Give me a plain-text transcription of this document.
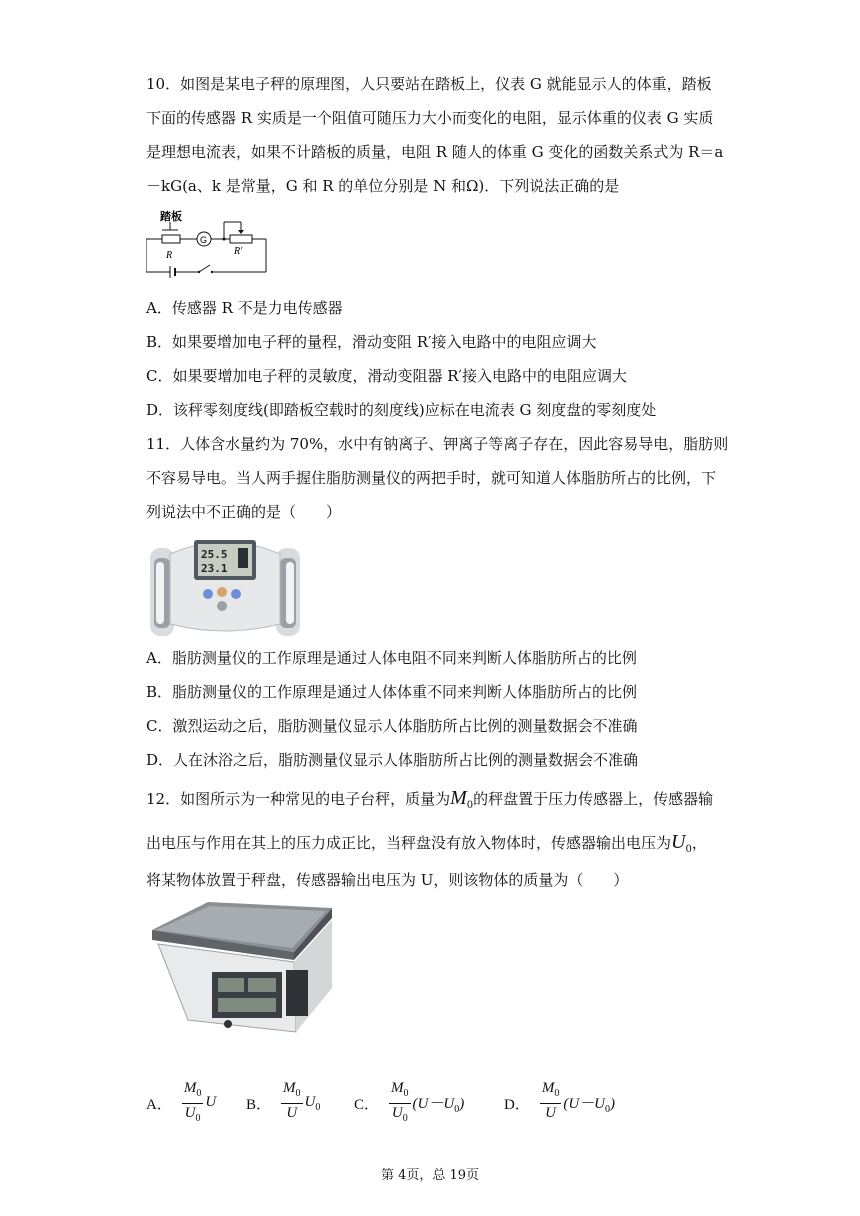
10．如图是某电子秤的原理图，人只要站在踏板上，仪表 G 就能显示人的体重，踏板
下面的传感器 R 实质是一个阻值可随压力大小而变化的电阻，显示体重的仪表 G 实质
是理想电流表，如果不计踏板的质量，电阻 R 随人的体重 G 变化的函数关系式为 R＝a
－kG(a、k 是常量，G 和 R 的单位分别是 N 和Ω)．下列说法正确的是
踏板
R
G
R′
A．传感器 R 不是力电传感器
B．如果要增加电子秤的量程，滑动变阻 R′接入电路中的电阻应调大
C．如果要增加电子秤的灵敏度，滑动变阻器 R′接入电路中的电阻应调大
D．该秤零刻度线(即踏板空载时的刻度线)应标在电流表 G 刻度盘的零刻度处
11．人体含水量约为 70%，水中有钠离子、钾离子等离子存在，因此容易导电，脂肪则
不容易导电。当人两手握住脂肪测量仪的两把手时，就可知道人体脂肪所占的比例，下
列说法中不正确的是（　　）
25.5
23.1
A．脂肪测量仪的工作原理是通过人体电阻不同来判断人体脂肪所占的比例
B．脂肪测量仪的工作原理是通过人体体重不同来判断人体脂肪所占的比例
C．激烈运动之后，脂肪测量仪显示人体脂肪所占比例的测量数据会不准确
D．人在沐浴之后，脂肪测量仪显示人体脂肪所占比例的测量数据会不准确
12．如图所示为一种常见的电子台秤，质量为$M_0$的秤盘置于压力传感器上，传感器输
出电压与作用在其上的压力成正比，当秤盘没有放入物体时，传感器输出电压为$U_0$，
将某物体放置于秤盘，传感器输出电压为 U，则该物体的质量为（　　）
A． $\frac{M_0}{U_0}$ U B． $\frac{M_0}{U} U_0$ C． $\frac{M_0}{U_0} (U-U_0)$	D． $\frac{M_0}{U} (U-U_0)$
第 4页，总 19页
